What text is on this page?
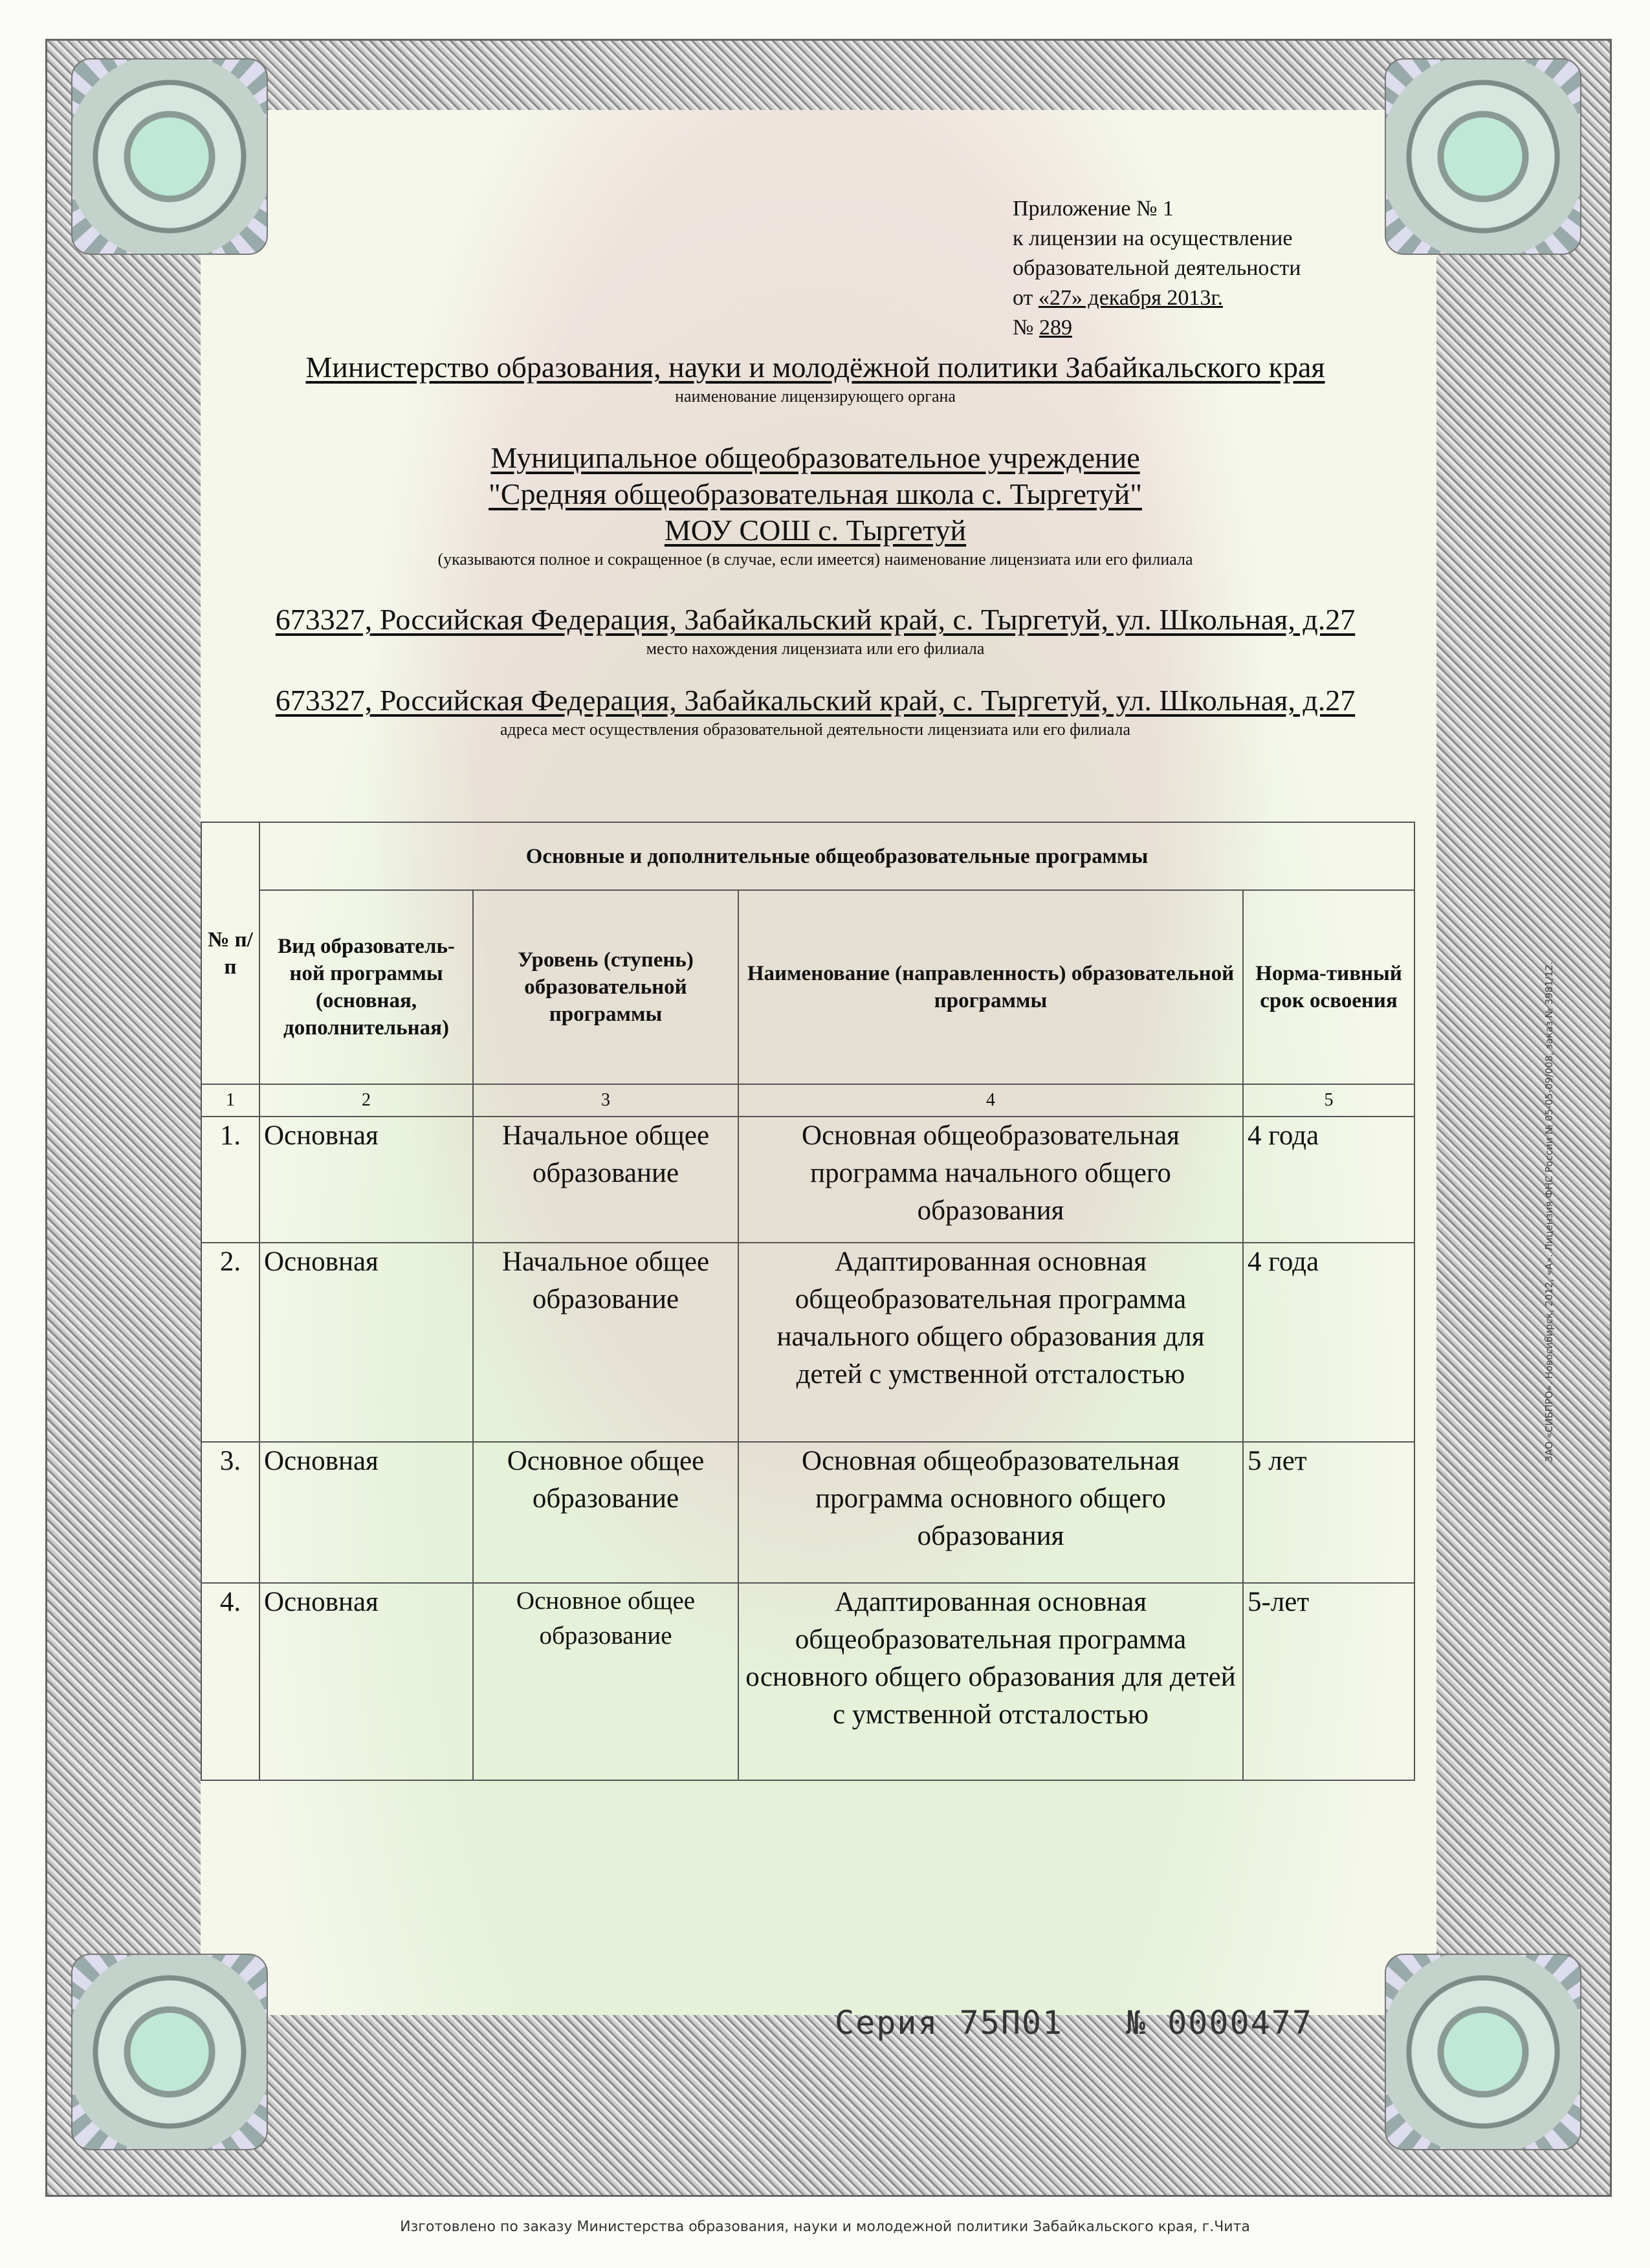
Приложение № 1
к лицензии на осуществление
образовательной деятельности
от «27» декабря 2013г.
№ 289
Министерство образования, науки и молодёжной политики Забайкальского края
наименование лицензирующего органа
Муниципальное общеобразовательное учреждение
"Средняя общеобразовательная школа с. Тыргетуй"
МОУ СОШ с. Тыргетуй
(указываются полное и сокращенное (в случае, если имеется) наименование лицензиата или его филиала
673327, Российская Федерация, Забайкальский край, с. Тыргетуй, ул. Школьная, д.27
место нахождения лицензиата или его филиала
673327, Российская Федерация, Забайкальский край, с. Тыргетуй, ул. Школьная, д.27
адреса мест осуществления образовательной деятельности лицензиата или его филиала
№ п/п	Основные и дополнительные общеобразовательные программы			
	Вид образователь-ной программы (основная, дополнительная)	Уровень (ступень) образовательной программы	Наименование (направленность) образовательной программы	Норма-тивный срок освоения
1	2	3	4	5
1.	Основная	Начальное общее образование	Основная общеобразовательная программа начального общего образования	4 года
2.	Основная	Начальное общее образование	Адаптированная основная общеобразовательная программа начального общего образования для детей с умственной отсталостью	4 года
3.	Основная	Основное общее образование	Основная общеобразовательная программа основного общего образования	5 лет
4.	Основная	Основное общее образование	Адаптированная основная общеобразовательная программа основного общего образования для детей с умственной отсталостью	5-лет
Серия 75П01 № 0000477
ЗАО «СИБПРО». Новосибирск, 2012, «А». Лицензия ФНС России № 05-05-09/008, заказ № 3981/12.
Изготовлено по заказу Министерства образования, науки и молодежной политики Забайкальского края, г.Чита
